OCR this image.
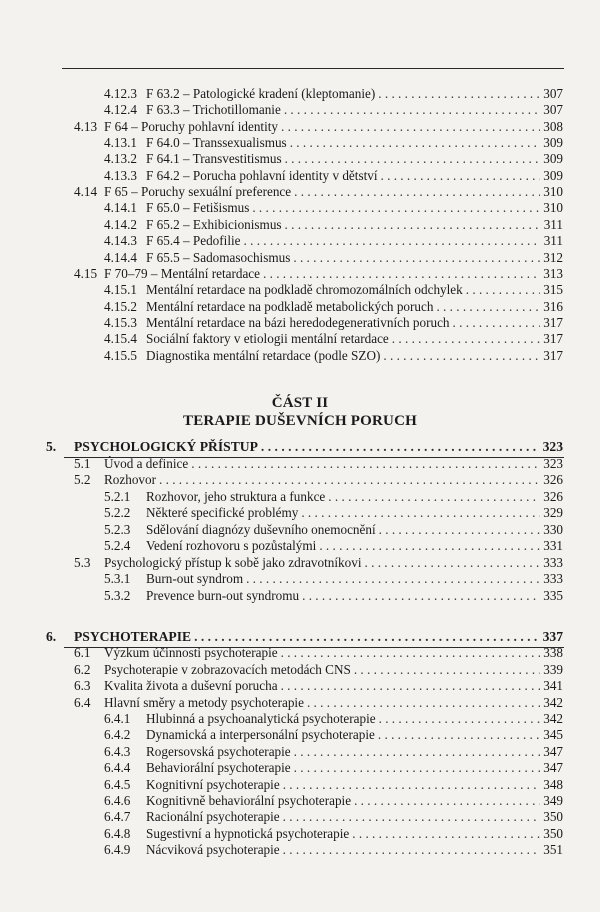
ČÁST II
TERAPIE DUŠEVNÍCH PORUCH
4.12.3 F 63.2 – Patologické kradení (kleptomanie) . . .	307
4.12.4 F 63.3 – Trichotillomanie . . .	307
4.13 F 64 – Poruchy pohlavní identity . . .	308
4.13.1 F 64.0 – Transsexualismus . . .	309
4.13.2 F 64.1 – Transvestitismus . . .	309
4.13.3 F 64.2 – Porucha pohlavní identity v dětství . . .	309
4.14 F 65 – Poruchy sexuální preference . . .	310
4.14.1 F 65.0 – Fetišismus . . .	310
4.14.2 F 65.2 – Exhibicionismus . . .	311
4.14.3 F 65.4 – Pedofilie . . .	311
4.14.4 F 65.5 – Sadomasochismus . . .	312
4.15 F 70–79 – Mentální retardace . . .	313
4.15.1 Mentální retardace na podkladě chromozomálních odchylek . . .	315
4.15.2 Mentální retardace na podkladě metabolických poruch . . .	316
4.15.3 Mentální retardace na bázi heredodegenerativních poruch . . .	317
4.15.4 Sociální faktory v etiologii mentální retardace . . .	317
4.15.5 Diagnostika mentální retardace (podle SZO) . . .	317
5.	PSYCHOLOGICKÝ PŘÍSTUP . . .	323
5.1	Úvod a definice . . .	323
5.2	Rozhovor . . .	326
5.2.1	Rozhovor, jeho struktura a funkce . . .	326
5.2.2	Některé specifické problémy . . .	329
5.2.3	Sdělování diagnózy duševního onemocnění . . .	330
5.2.4	Vedení rozhovoru s pozůstalými . . .	331
5.3	Psychologický přístup k sobě jako zdravotníkovi . . .	333
5.3.1	Burn-out syndrom . . .	333
5.3.2	Prevence burn-out syndromu . . .	335
6.	PSYCHOTERAPIE . . .	337
6.1	Výzkum účinnosti psychoterapie . . .	338
6.2	Psychoterapie v zobrazovacích metodách CNS . . .	339
6.3	Kvalita života a duševní porucha . . .	341
6.4	Hlavní směry a metody psychoterapie . . .	342
6.4.1	Hlubinná a psychoanalytická psychoterapie . . .	342
6.4.2	Dynamická a interpersonální psychoterapie . . .	345
6.4.3	Rogersovská psychoterapie . . .	347
6.4.4	Behaviorální psychoterapie . . .	347
6.4.5	Kognitivní psychoterapie . . .	348
6.4.6	Kognitivně behaviorální psychoterapie . . .	349
6.4.7	Racionální psychoterapie . . .	350
6.4.8	Sugestivní a hypnotická psychoterapie . . .	350
6.4.9	Nácviková psychoterapie . . .	351
